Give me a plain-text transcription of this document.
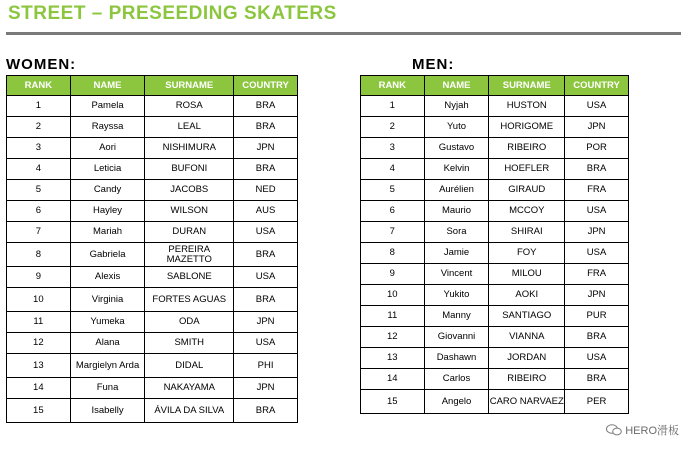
STREET – PRESEEDING SKATERS
WOMEN:	MEN:
RANK	NAME	SURNAME	COUNTRY
1	Pamela	ROSA	BRA
2	Rayssa	LEAL	BRA
3	Aori	NISHIMURA	JPN
4	Leticia	BUFONI	BRA
5	Candy	JACOBS	NED
6	Hayley	WILSON	AUS
7	Mariah	DURAN	USA
8	Gabriela	PEREIRA MAZETTO	BRA
9	Alexis	SABLONE	USA
10	Virginia	FORTES AGUAS	BRA
11	Yumeka	ODA	JPN
12	Alana	SMITH	USA
13	Margielyn Arda	DIDAL	PHI
14	Funa	NAKAYAMA	JPN
15	Isabelly	ÁVILA DA SILVA	BRA
RANK	NAME	SURNAME	COUNTRY
1	Nyjah	HUSTON	USA
2	Yuto	HORIGOME	JPN
3	Gustavo	RIBEIRO	POR
4	Kelvin	HOEFLER	BRA
5	Aurélien	GIRAUD	FRA
6	Maurio	MCCOY	USA
7	Sora	SHIRAI	JPN
8	Jamie	FOY	USA
9	Vincent	MILOU	FRA
10	Yukito	AOKI	JPN
11	Manny	SANTIAGO	PUR
12	Giovanni	VIANNA	BRA
13	Dashawn	JORDAN	USA
14	Carlos	RIBEIRO	BRA
15	Angelo	CARO NARVAEZ	PER
HERO滑板
